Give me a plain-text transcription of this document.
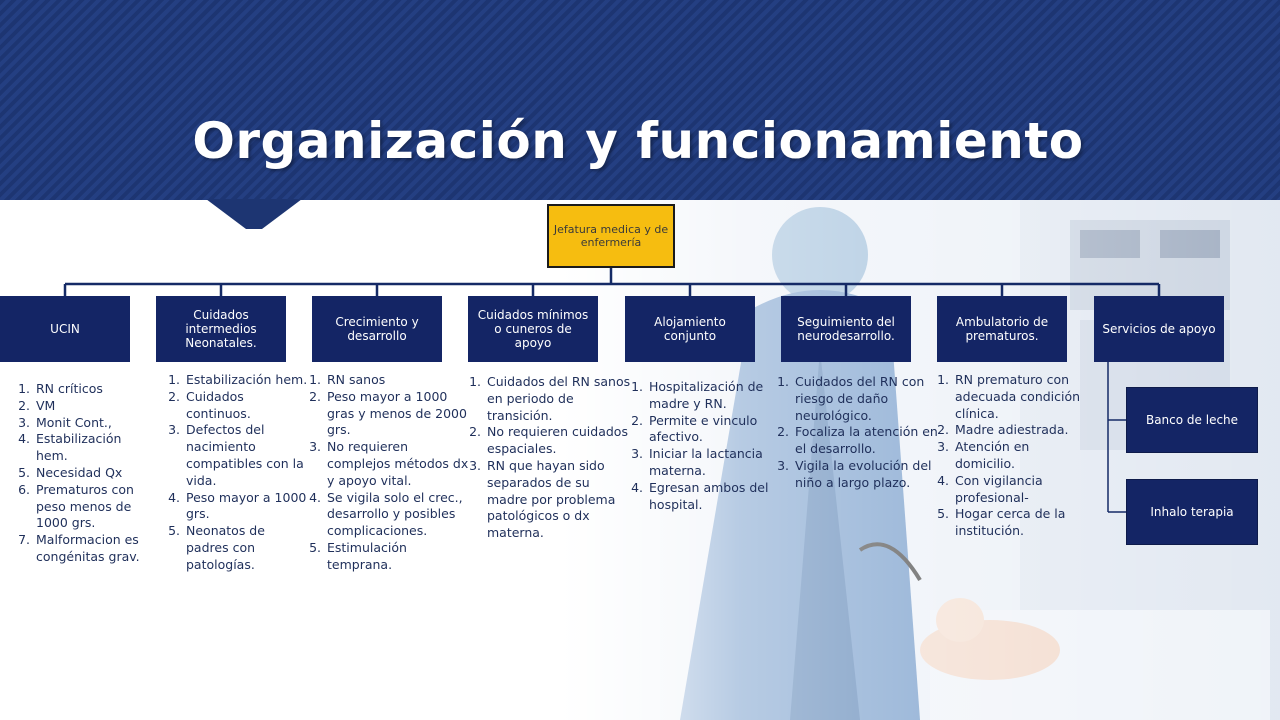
Organización y funcionamiento
Jefatura medica y de enfermería
UCIN
Cuidados intermedios Neonatales.
Crecimiento y desarrollo
Cuidados mínimos o cuneros de apoyo
Alojamiento conjunto
Seguimiento del neurodesarrollo.
Ambulatorio de prematuros.	Servicios de apoyo
Banco de leche
Inhalo terapia
1. RN críticos
2. VM
3. Monit Cont.,
4. Estabilización hem.
5. Necesidad Qx
6. Prematuros con peso menos de 1000 grs.
7. Malformacion es congénitas grav.
1. Estabilización hem.
2. Cuidados continuos.
3. Defectos del nacimiento compatibles con la vida.
4. Peso mayor a 1000 grs.
5. Neonatos de padres con patologías.
1. RN sanos
2. Peso mayor a 1000 gras y menos de 2000 grs.
3. No requieren complejos métodos dx y apoyo vital.
4. Se vigila solo el crec., desarrollo y posibles complicaciones.
5. Estimulación temprana.
1. Cuidados del RN sanos en periodo de transición.
2. No requieren cuidados espaciales.
3. RN que hayan sido separados de su madre por problema patológicos o dx materna.
1. Hospitalización de madre y RN.
2. Permite e vinculo afectivo.
3. Iniciar la lactancia materna.
4. Egresan ambos del hospital.
1. Cuidados del RN con riesgo de daño neurológico.
2. Focaliza la atención en el desarrollo.
3. Vigila la evolución del niño a largo plazo.
1. RN prematuro con adecuada condición clínica.
2. Madre adiestrada.
3. Atención en domicilio.
4. Con vigilancia profesional-
5. Hogar cerca de la institución.
